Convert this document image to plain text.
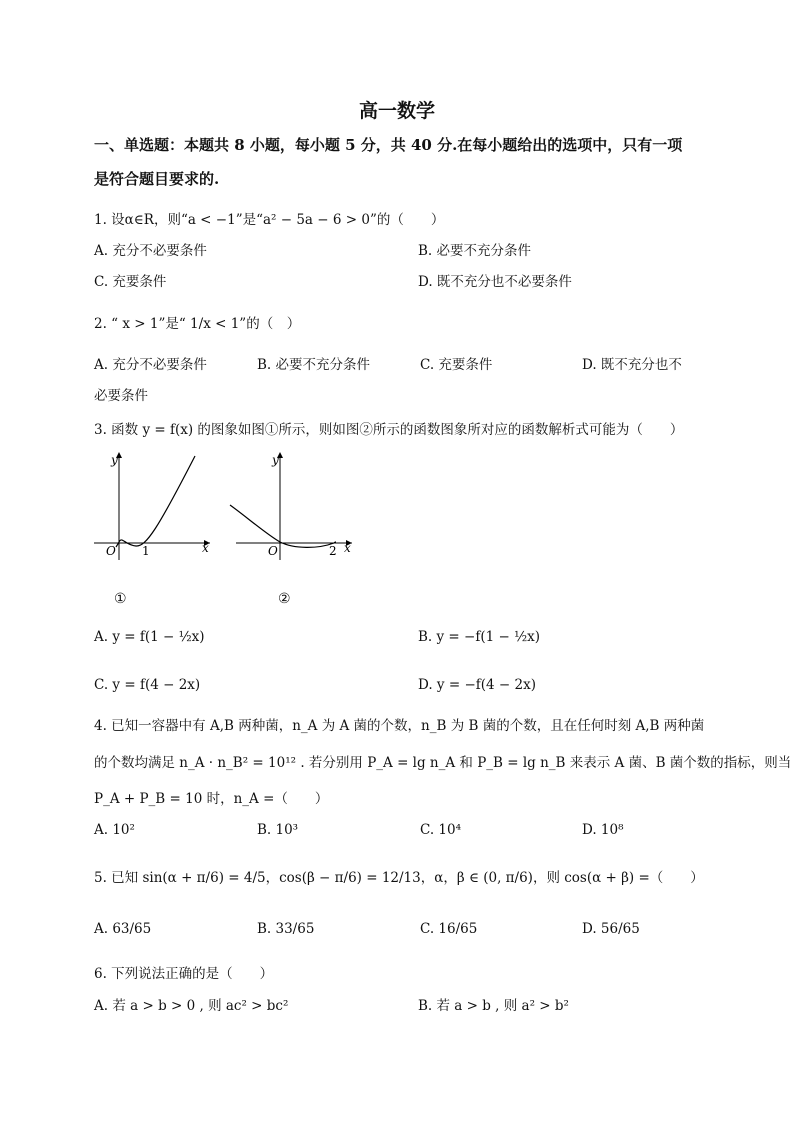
高一数学
一、单选题：本题共 8 小题，每小题 5 分，共 40 分.在每小题给出的选项中，只有一项
是符合题目要求的.
1. 设α∈R，则“a < −1”是“a² − 5a − 6 > 0”的（　　）
A. 充分不必要条件	B. 必要不充分条件
C. 充要条件	D. 既不充分也不必要条件
2. “ x > 1”是“ 1/x < 1”的（　）
A. 充分不必要条件	B. 必要不充分条件	C. 充要条件	D. 既不充分也不
必要条件
3. 函数 y = f(x) 的图象如图①所示，则如图②所示的函数图象所对应的函数解析式可能为（　　）
y
x
O 1
y
x
O	2
①	②
A. y = f(1 − ½x)	B. y = −f(1 − ½x)
C. y = f(4 − 2x)	D. y = −f(4 − 2x)
4. 已知一容器中有 A,B 两种菌，n_A 为 A 菌的个数，n_B 为 B 菌的个数，且在任何时刻 A,B 两种菌
的个数均满足 n_A · n_B² = 10¹² . 若分别用 P_A = lg n_A 和 P_B = lg n_B 来表示 A 菌、B 菌个数的指标，则当
P_A + P_B = 10 时，n_A =（　　）
A. 10²	B. 10³	C. 10⁴	D. 10⁸
5. 已知 sin(α + π/6) = 4/5，cos(β − π/6) = 12/13，α，β ∈ (0, π/6)，则 cos(α + β) =（　　）
A. 63/65	B. 33/65	C. 16/65	D. 56/65
6. 下列说法正确的是（　　）
A. 若 a > b > 0 , 则 ac² > bc²	B. 若 a > b , 则 a² > b²
